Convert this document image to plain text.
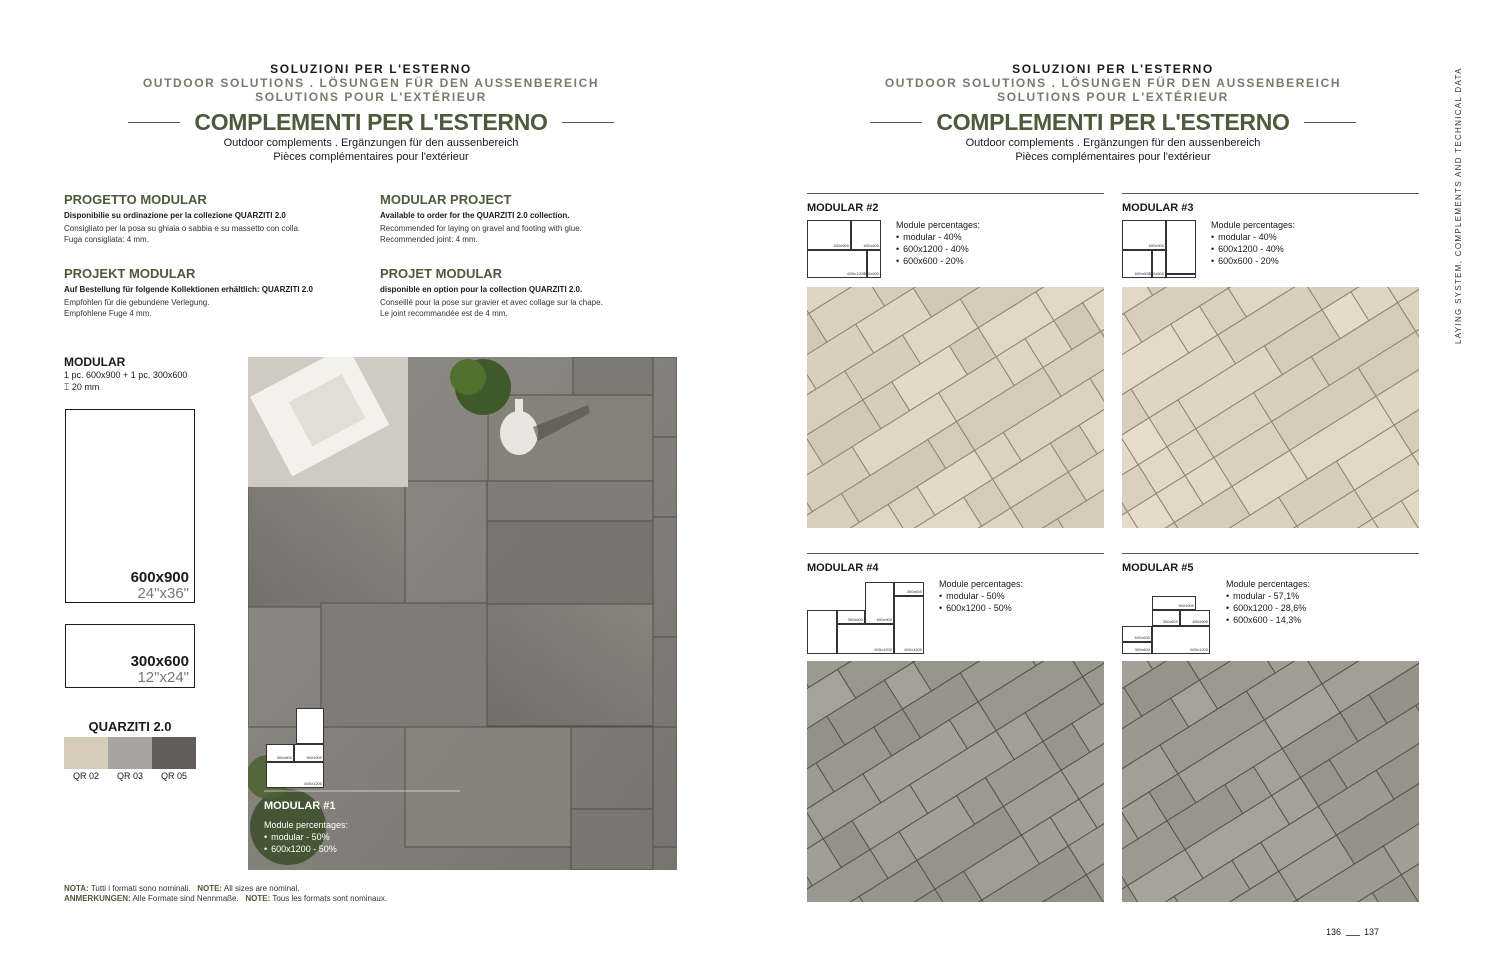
SOLUZIONI PER L'ESTERNO
OUTDOOR SOLUTIONS . LÖSUNGEN FÜR DEN AUSSENBEREICH
SOLUTIONS POUR L'EXTÉRIEUR
COMPLEMENTI PER L'ESTERNO
Outdoor complements . Ergänzungen für den aussenbereich
Pièces complémentaires pour l'extérieur
SOLUZIONI PER L'ESTERNO
OUTDOOR SOLUTIONS . LÖSUNGEN FÜR DEN AUSSENBEREICH
SOLUTIONS POUR L'EXTÉRIEUR
COMPLEMENTI PER L'ESTERNO
Outdoor complements . Ergänzungen für den aussenbereich
Pièces complémentaires pour l'extérieur
PROGETTO MODULAR
Disponibilie su ordinazione per la collezione QUARZITI 2.0
Consigliato per la posa su ghiaia o sabbia e su massetto con colla.
Fuga consigliata: 4 mm.
MODULAR PROJECT
Available to order for the QUARZITI 2.0 collection.
Recommended for laying on gravel and footing with glue.
Recommended joint: 4 mm.
PROJEKT MODULAR
Auf Bestellung für folgende Kollektionen erhältlich: QUARZITI 2.0
Empfohlen für die gebundene Verlegung.
Empfohlene Fuge 4 mm.
PROJET MODULAR
disponible en option pour la collection QUARZITI 2.0.
Conseillé pour la pose sur gravier et avec collage sur la chape.
Le joint recommandée est de 4 mm.
MODULAR
1 pc. 600x900 + 1 pc. 300x600
⌶ 20 mm
600x900
24"x36"
300x600
12"x24"
QUARZITI 2.0
QR 02	QR 03	QR 05
300x600	600x900
600x1200
MODULAR #1
Module percentages:
• modular - 50%
• 600x1200 - 50%
NOTA: Tutti i formati sono nominali. NOTE: All sizes are nominal.
ANMERKUNGEN: Alle Formate sind Nennmaße. NOTE: Tous les formats sont nominaux.
MODULAR #2	MODULAR #3
MODULAR #4	MODULAR #5
600x900	600x600
600x1200
300x600
600x900
600x600
300x600
300x600
300x600	600x900
600x1200	600x1200
600x900
300x600	600x900
600x600
300x600	600x1200
Module percentages:
• modular - 40%
• 600x1200 - 40%
• 600x600 - 20%
Module percentages:
• modular - 40%
• 600x1200 - 40%
• 600x600 - 20%
Module percentages:
• modular - 50%
• 600x1200 - 50%
Module percentages:
• modular - 57,1%
• 600x1200 - 28,6%
• 600x600 - 14,3%
LAYING SYSTEM, COMPLEMENTS AND TECHNICAL DATA
136	137
